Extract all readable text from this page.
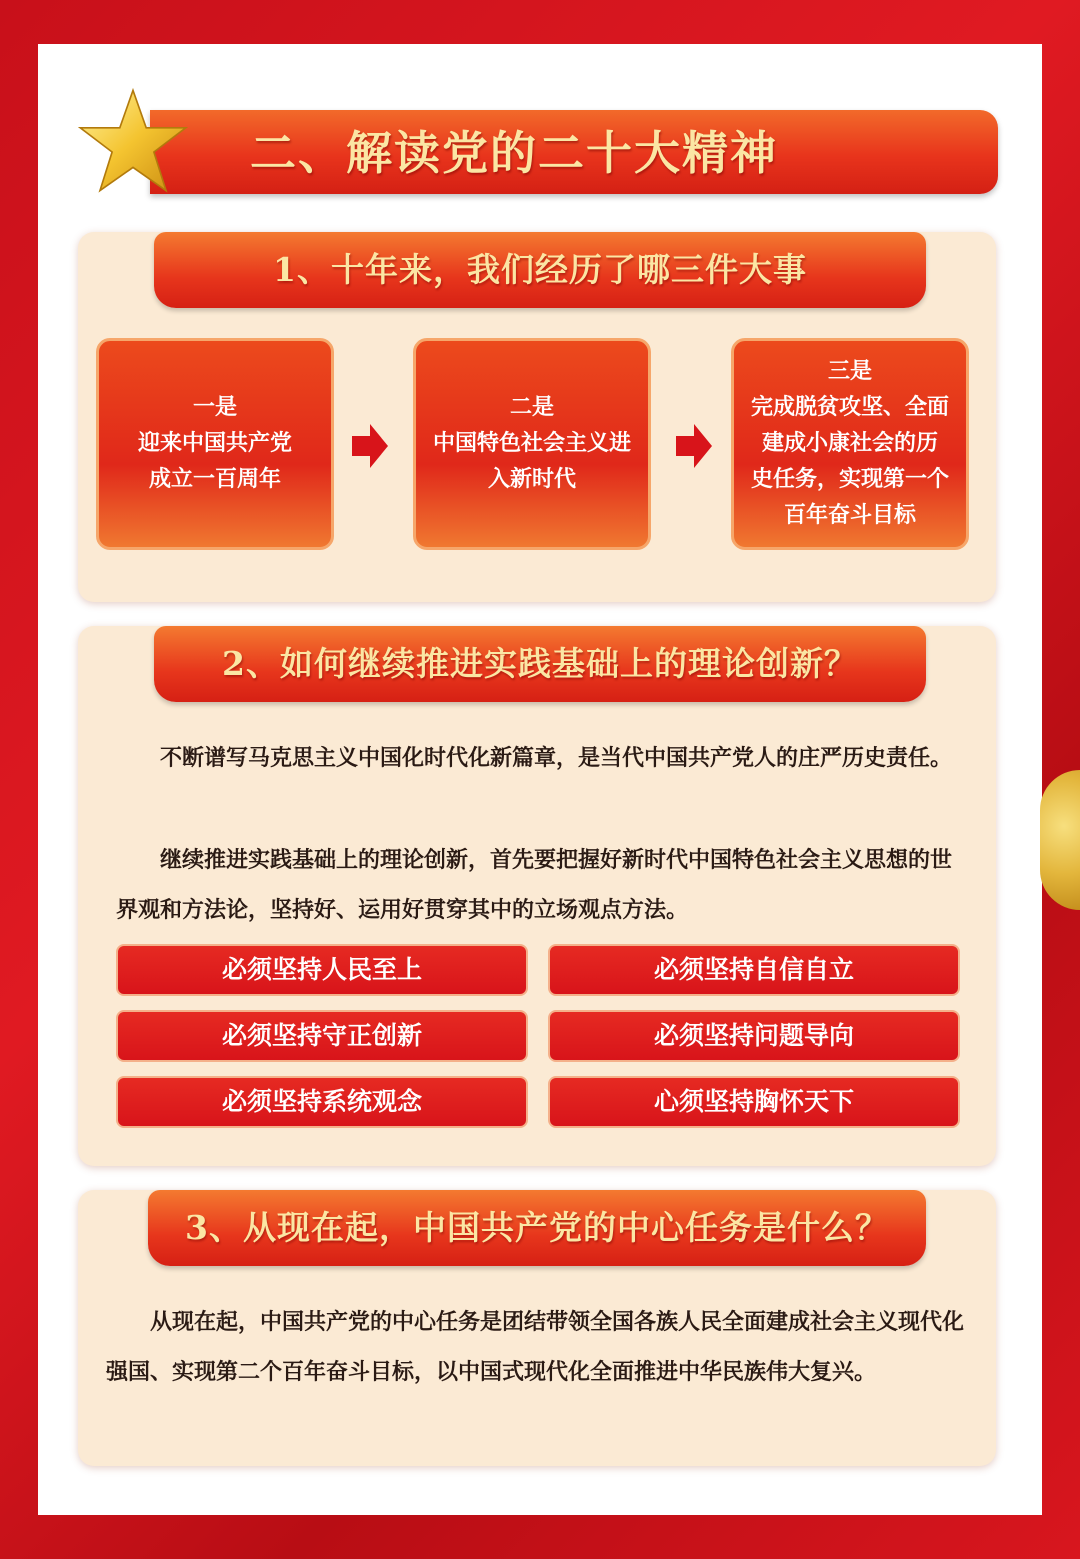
二、解读党的二十大精神
1、十年来，我们经历了哪三件大事
一是
迎来中国共产党
成立一百周年
二是
中国特色社会主义进
入新时代
三是
完成脱贫攻坚、全面
建成小康社会的历
史任务，实现第一个
百年奋斗目标
2、如何继续推进实践基础上的理论创新？
不断谱写马克思主义中国化时代化新篇章，是当代中国共产党人的庄严历史责任。
继续推进实践基础上的理论创新，首先要把握好新时代中国特色社会主义思想的世界观和方法论，坚持好、运用好贯穿其中的立场观点方法。
必须坚持人民至上	必须坚持自信自立
必须坚持守正创新	必须坚持问题导向
必须坚持系统观念	心须坚持胸怀天下
3、从现在起，中国共产党的中心任务是什么？
从现在起，中国共产党的中心任务是团结带领全国各族人民全面建成社会主义现代化强国、实现第二个百年奋斗目标，以中国式现代化全面推进中华民族伟大复兴。
